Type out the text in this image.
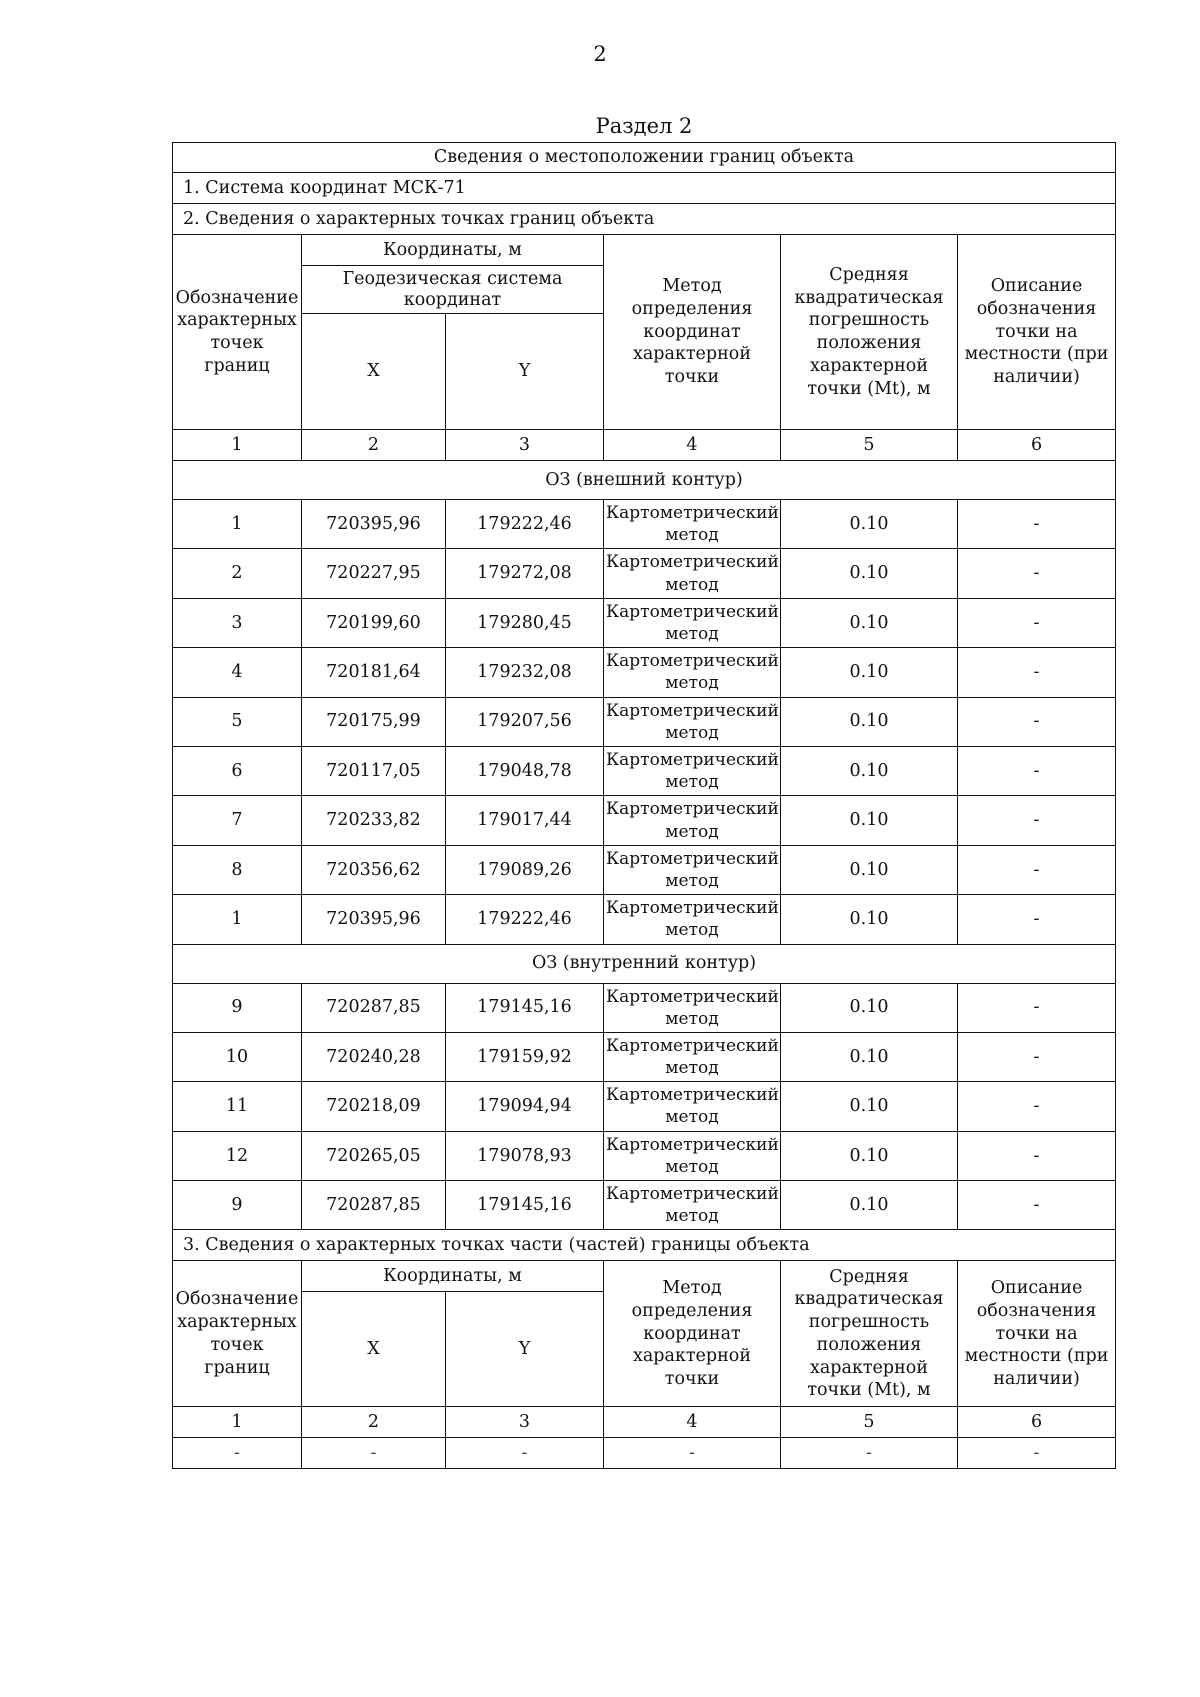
2
Раздел 2
Сведения о местоположении границ объекта					
1. Система координат МСК-71					
2. Сведения о характерных точках границ объекта					
Обозначение характерных точек границ	Координаты, м		Метод определения координат характерной точки	Средняя квадратическая погрешность положения характерной точки (Mt), м	Описание обозначения точки на местности (при наличии)
	Геодезическая система координат				
	X	Y			
1	2	3	4	5	6
ОЗ (внешний контур)					
1	720395,96	179222,46	Картометрический метод	0.10	-
2	720227,95	179272,08	Картометрический метод	0.10	-
3	720199,60	179280,45	Картометрический метод	0.10	-
4	720181,64	179232,08	Картометрический метод	0.10	-
5	720175,99	179207,56	Картометрический метод	0.10	-
6	720117,05	179048,78	Картометрический метод	0.10	-
7	720233,82	179017,44	Картометрический метод	0.10	-
8	720356,62	179089,26	Картометрический метод	0.10	-
1	720395,96	179222,46	Картометрический метод	0.10	-
ОЗ (внутренний контур)					
9	720287,85	179145,16	Картометрический метод	0.10	-
10	720240,28	179159,92	Картометрический метод	0.10	-
11	720218,09	179094,94	Картометрический метод	0.10	-
12	720265,05	179078,93	Картометрический метод	0.10	-
9	720287,85	179145,16	Картометрический метод	0.10	-
3. Сведения о характерных точках части (частей) границы объекта					
Обозначение характерных точек границ	Координаты, м		Метод определения координат характерной точки	Средняя квадратическая погрешность положения характерной точки (Mt), м	Описание обозначения точки на местности (при наличии)
	X	Y			
1	2	3	4	5	6
-	-	-	-	-	-
